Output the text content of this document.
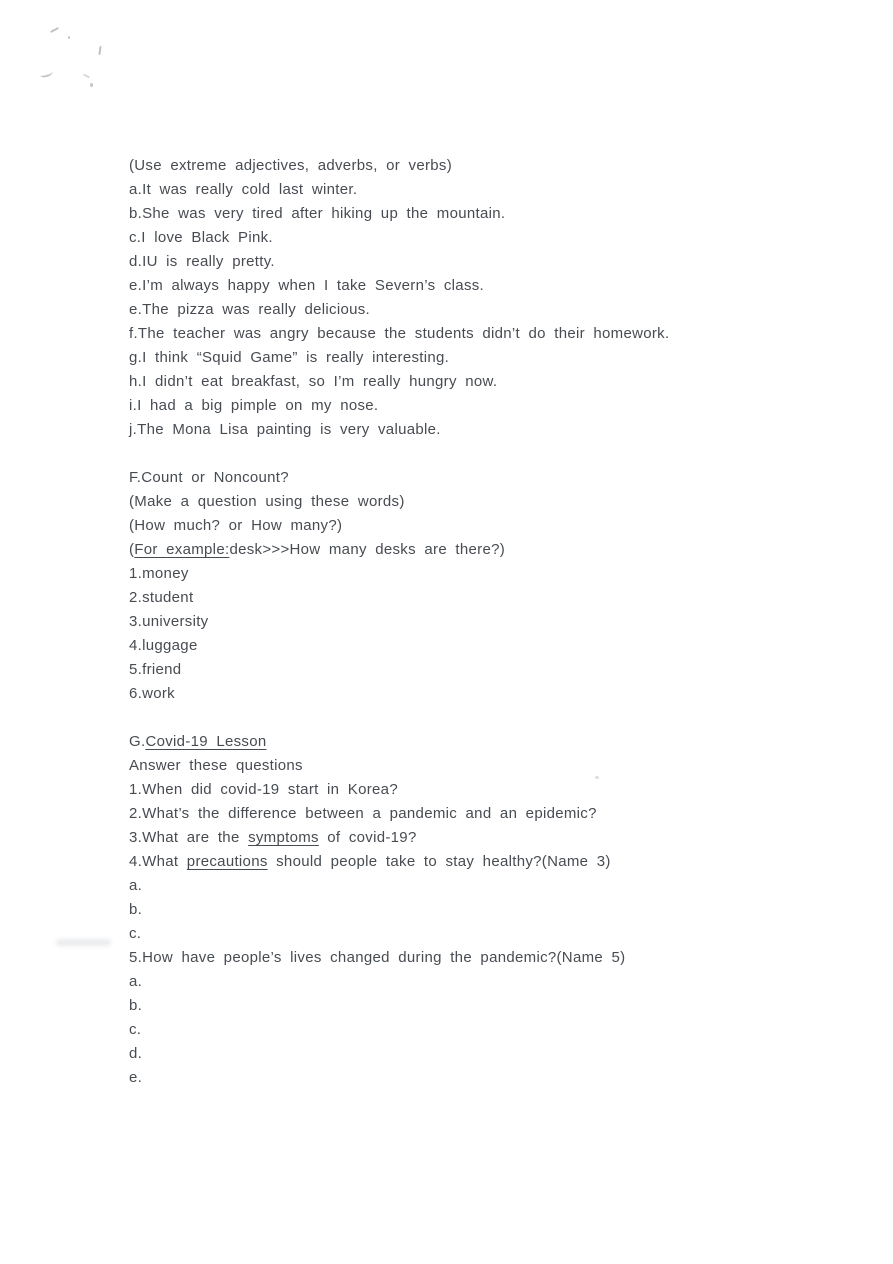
(Use extreme adjectives, adverbs, or verbs)

a.It was really cold last winter.

b.She was very tired after hiking up the mountain.

c.I love Black Pink.

d.IU is really pretty.

e.I’m always happy when I take Severn’s class.

e.The pizza was really delicious.

f.The teacher was angry because the students didn’t do their homework.

g.I think “Squid Game” is really interesting.

h.I didn’t eat breakfast, so I’m really hungry now.

i.I had a big pimple on my nose.

j.The Mona Lisa painting is very valuable.

F.Count or Noncount?

(Make a question using these words)

(How much? or How many?)

(For example:desk>>>How many desks are there?)

1.money

2.student

3.university

4.luggage

5.friend

6.work

G.Covid-19 Lesson

Answer these questions

1.When did covid-19 start in Korea?

2.What’s the difference between a pandemic and an epidemic?

3.What are the symptoms of covid-19?

4.What precautions should people take to stay healthy?(Name 3)

a.

b.

c.

5.How have people’s lives changed during the pandemic?(Name 5)

a.

b.

c.

d.

e.
